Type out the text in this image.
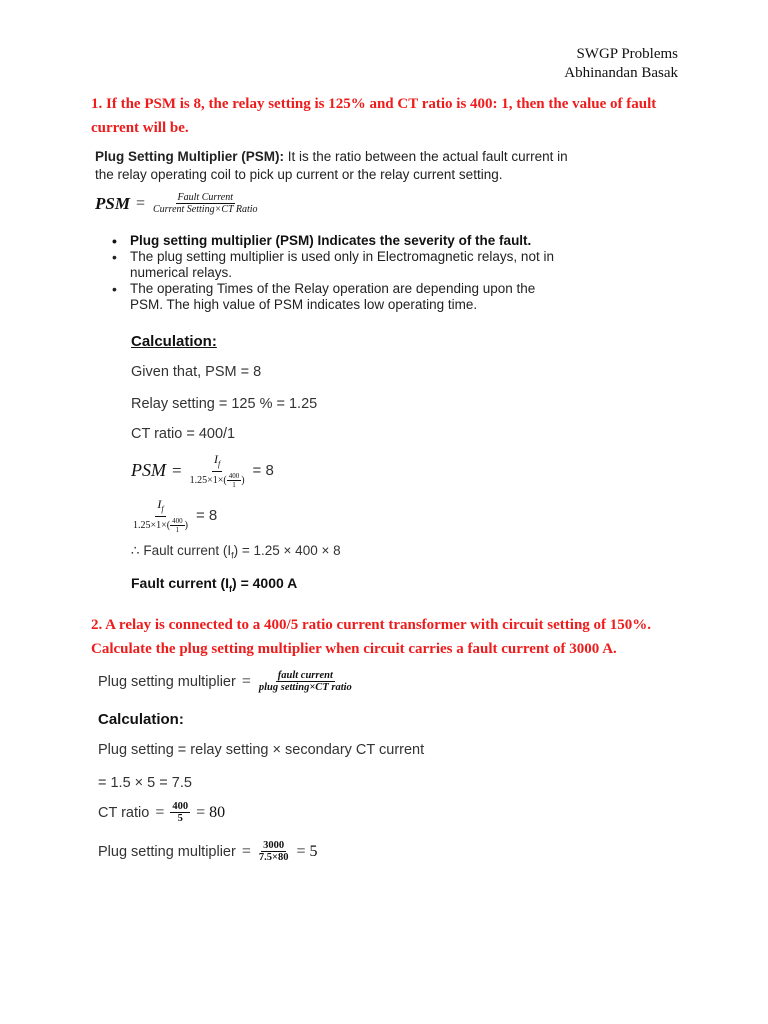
SWGP Problems
Abhinandan Basak
1. If the PSM is 8, the relay setting is 125% and CT ratio is 400: 1, then the value of fault current will be.
Plug Setting Multiplier (PSM): It is the ratio between the actual fault current in the relay operating coil to pick up current or the relay current setting.
PSM = $\frac{\text{Fault Current}}{\text{Current Setting×CT Ratio}}$
• Plug setting multiplier (PSM) Indicates the severity of the fault.
• The plug setting multiplier is used only in Electromagnetic relays, not in numerical relays.
• The operating Times of the Relay operation are depending upon the PSM. The high value of PSM indicates low operating time.
Calculation:
Given that, PSM = 8
Relay setting = 125 % = 1.25
CT ratio = 400/1
PSM = $\frac{I_f}{1.25\times 1\times( \frac{400}{1} )} = 8$
$\frac{I_f}{1.25\times 1\times( \frac{400}{1} )} = 8$
∴ Fault current $(I_f) = 1.25 \times 400 \times 8$
Fault current $(I_f) = 4000$ A
2. A relay is connected to a 400/5 ratio current transformer with circuit setting of 150%. Calculate the plug setting multiplier when circuit carries a fault current of 3000 A.
Plug setting multiplier = $\frac{\text{fault current}}{\text{plug setting×CT ratio}}$
Calculation:
Plug setting = relay setting × secondary CT current
= 1.5 × 5 = 7.5
CT ratio = $\frac{400}{5} = 80$
Plug setting multiplier = $\frac{3000}{7.5\times 80} = 5$
